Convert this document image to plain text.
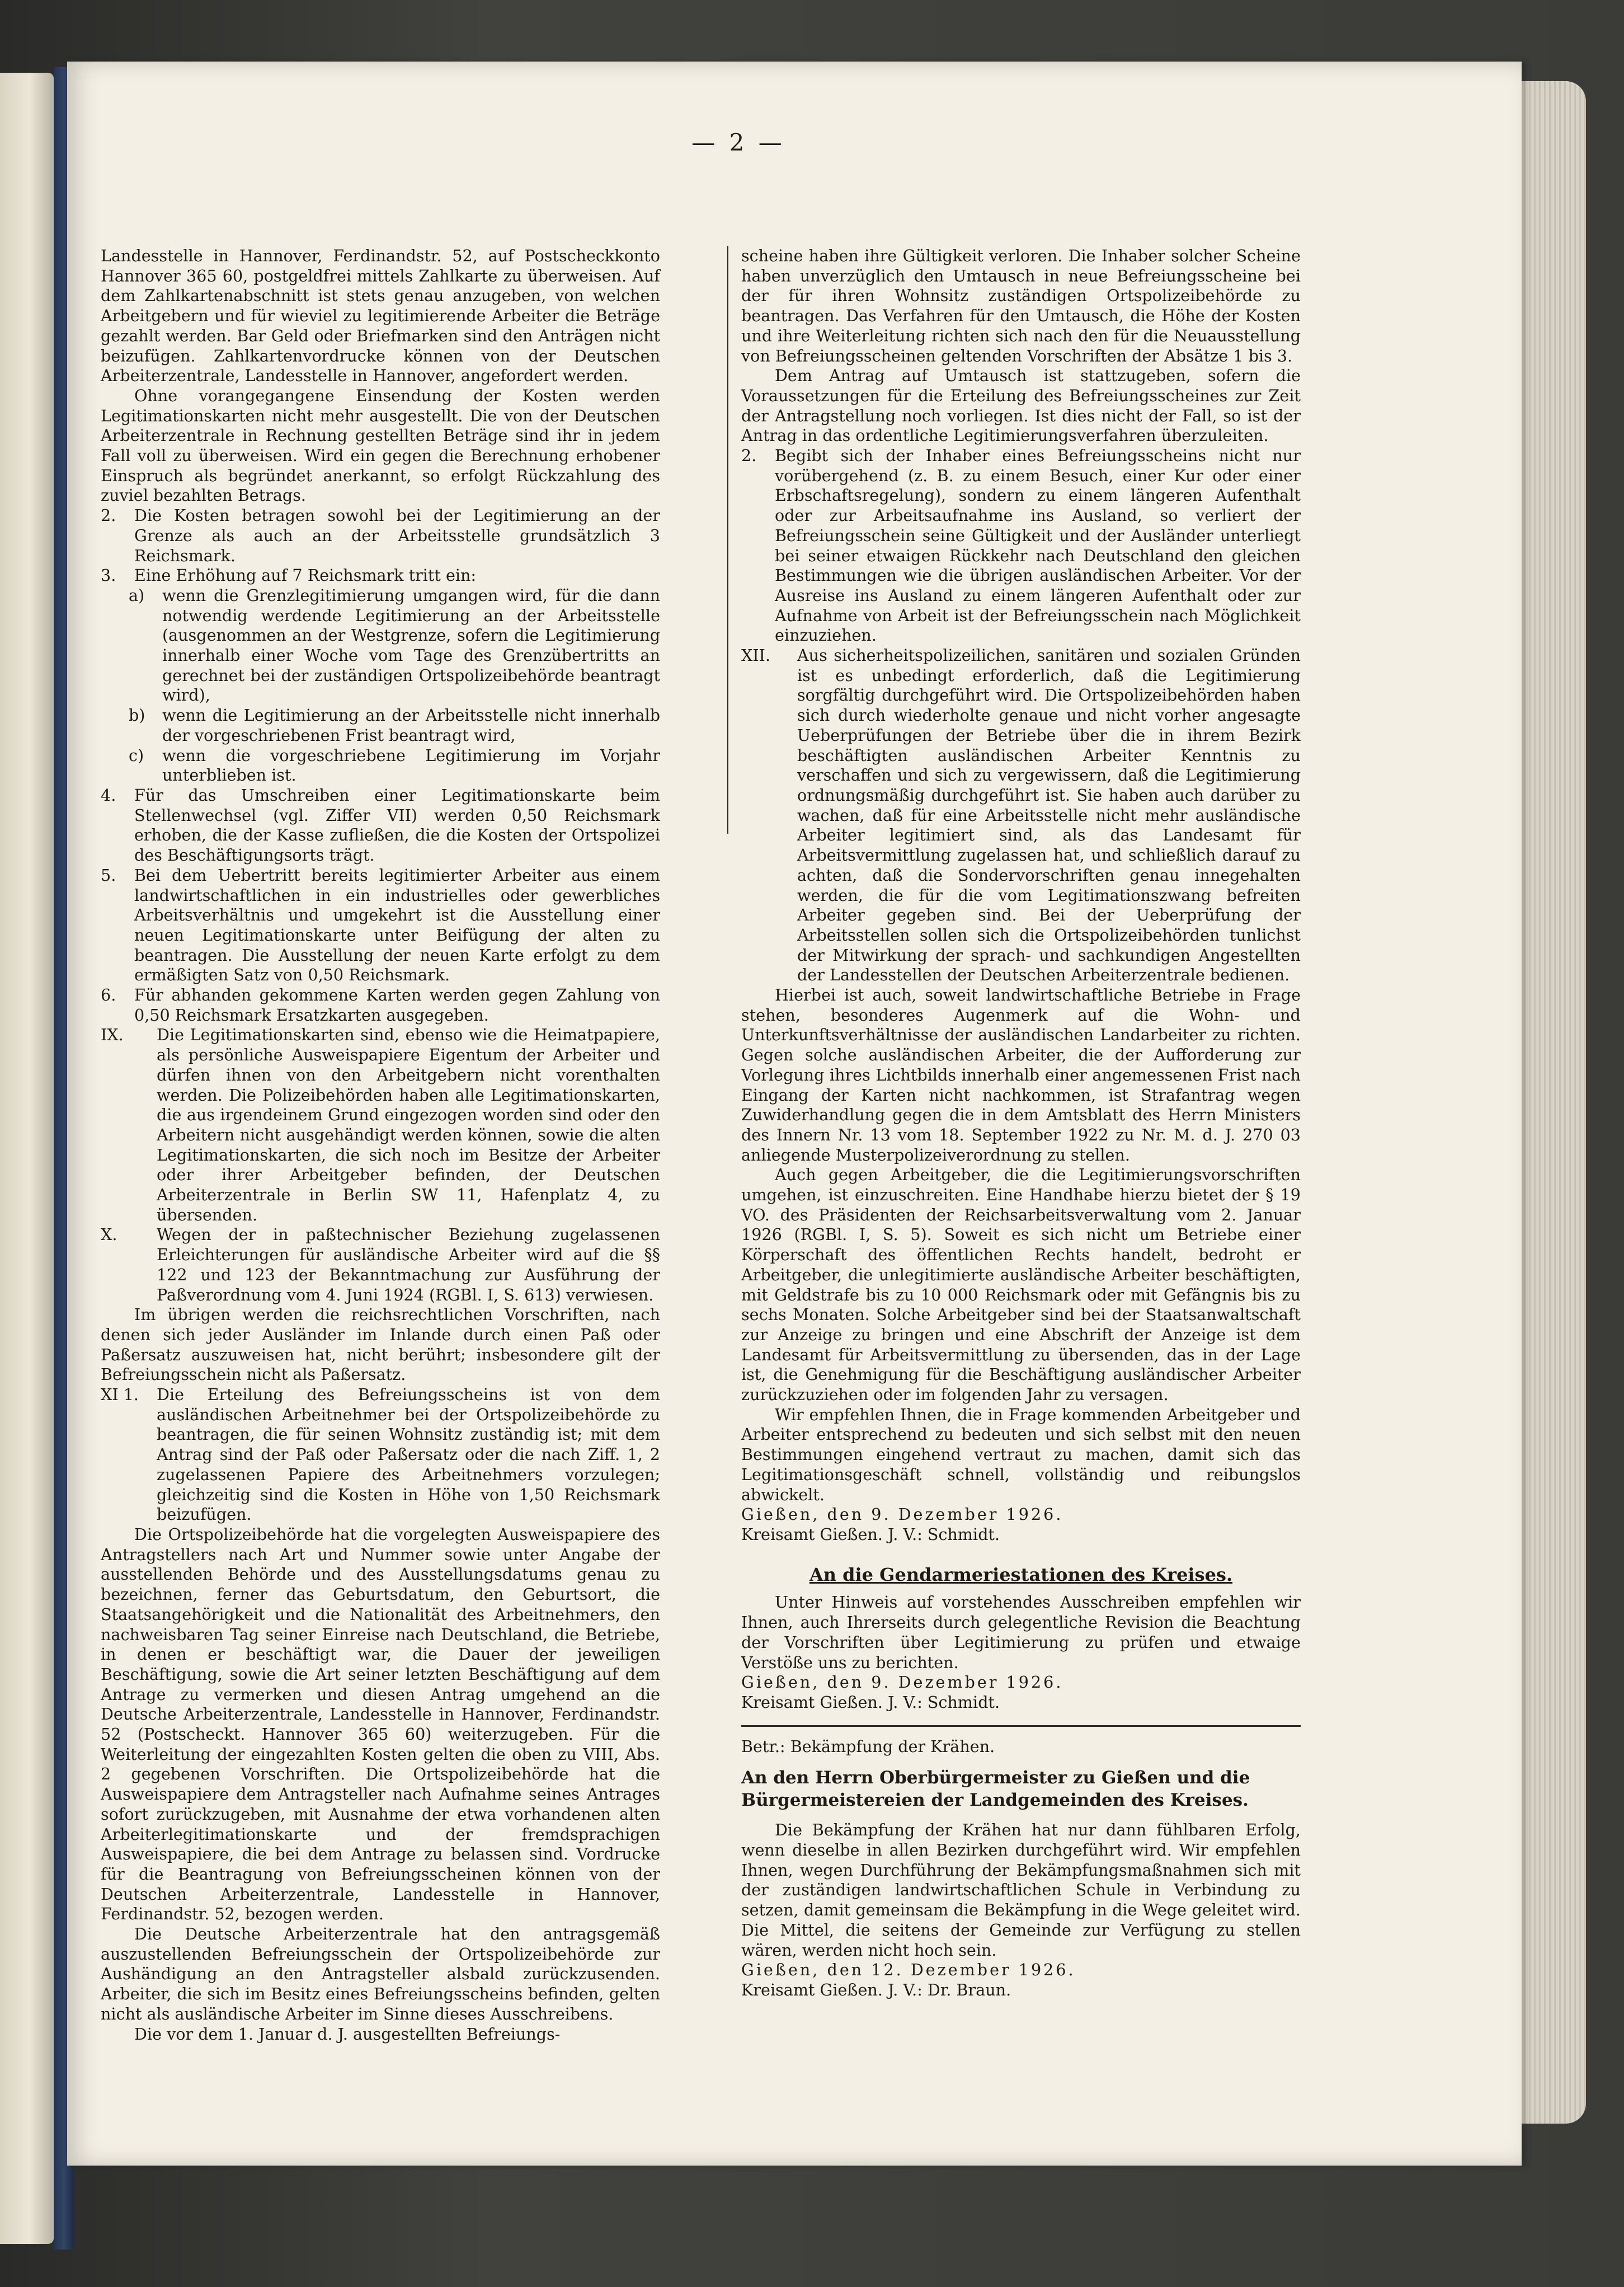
— 2 —

Landesstelle in Hannover, Ferdinandstr. 52, auf Postscheckkonto Hannover 365 60, postgeldfrei mittels Zahlkarte zu überweisen. Auf dem Zahlkartenabschnitt ist stets genau anzugeben, von welchen Arbeitgebern und für wieviel zu legitimierende Arbeiter die Beträge gezahlt werden. Bar Geld oder Briefmarken sind den Anträgen nicht beizufügen. Zahlkartenvordrucke können von der Deutschen Arbeiterzentrale, Landesstelle in Hannover, angefordert werden.

Ohne vorangegangene Einsendung der Kosten werden Legitimationskarten nicht mehr ausgestellt. Die von der Deutschen Arbeiterzentrale in Rechnung gestellten Beträge sind ihr in jedem Fall voll zu überweisen. Wird ein gegen die Berechnung erhobener Einspruch als begründet anerkannt, so erfolgt Rückzahlung des zuviel bezahlten Betrags.

2.	Die Kosten betragen sowohl bei der Legitimierung an der Grenze als auch an der Arbeitsstelle grundsätzlich 3 Reichsmark.
3.	Eine Erhöhung auf 7 Reichsmark tritt ein:
a)	wenn die Grenzlegitimierung umgangen wird, für die dann notwendig werdende Legitimierung an der Arbeitsstelle (ausgenommen an der Westgrenze, sofern die Legitimierung innerhalb einer Woche vom Tage des Grenzübertritts an gerechnet bei der zuständigen Ortspolizeibehörde beantragt wird),
b)	wenn die Legitimierung an der Arbeitsstelle nicht innerhalb der vorgeschriebenen Frist beantragt wird,
c)	wenn die vorgeschriebene Legitimierung im Vorjahr unterblieben ist.
4.	Für das Umschreiben einer Legitimationskarte beim Stellenwechsel (vgl. Ziffer VII) werden 0,50 Reichsmark erhoben, die der Kasse zufließen, die die Kosten der Ortspolizei des Beschäftigungsorts trägt.
5.	Bei dem Uebertritt bereits legitimierter Arbeiter aus einem landwirtschaftlichen in ein industrielles oder gewerbliches Arbeitsverhältnis und umgekehrt ist die Ausstellung einer neuen Legitimationskarte unter Beifügung der alten zu beantragen. Die Ausstellung der neuen Karte erfolgt zu dem ermäßigten Satz von 0,50 Reichsmark.
6.	Für abhanden gekommene Karten werden gegen Zahlung von 0,50 Reichsmark Ersatzkarten ausgegeben.
IX.	Die Legitimationskarten sind, ebenso wie die Heimatpapiere, als persönliche Ausweispapiere Eigentum der Arbeiter und dürfen ihnen von den Arbeitgebern nicht vorenthalten werden. Die Polizeibehörden haben alle Legitimationskarten, die aus irgendeinem Grund eingezogen worden sind oder den Arbeitern nicht ausgehändigt werden können, sowie die alten Legitimationskarten, die sich noch im Besitze der Arbeiter oder ihrer Arbeitgeber befinden, der Deutschen Arbeiterzentrale in Berlin SW 11, Hafenplatz 4, zu übersenden.
X.	Wegen der in paßtechnischer Beziehung zugelassenen Erleichterungen für ausländische Arbeiter wird auf die §§ 122 und 123 der Bekanntmachung zur Ausführung der Paßverordnung vom 4. Juni 1924 (RGBl. I, S. 613) verwiesen.

Im übrigen werden die reichsrechtlichen Vorschriften, nach denen sich jeder Ausländer im Inlande durch einen Paß oder Paßersatz auszuweisen hat, nicht berührt; insbesondere gilt der Befreiungsschein nicht als Paßersatz.

XI 1.	Die Erteilung des Befreiungsscheins ist von dem ausländischen Arbeitnehmer bei der Ortspolizeibehörde zu beantragen, die für seinen Wohnsitz zuständig ist; mit dem Antrag sind der Paß oder Paßersatz oder die nach Ziff. 1, 2 zugelassenen Papiere des Arbeitnehmers vorzulegen; gleichzeitig sind die Kosten in Höhe von 1,50 Reichsmark beizufügen.

Die Ortspolizeibehörde hat die vorgelegten Ausweispapiere des Antragstellers nach Art und Nummer sowie unter Angabe der ausstellenden Behörde und des Ausstellungsdatums genau zu bezeichnen, ferner das Geburtsdatum, den Geburtsort, die Staatsangehörigkeit und die Nationalität des Arbeitnehmers, den nachweisbaren Tag seiner Einreise nach Deutschland, die Betriebe, in denen er beschäftigt war, die Dauer der jeweiligen Beschäftigung, sowie die Art seiner letzten Beschäftigung auf dem Antrage zu vermerken und diesen Antrag umgehend an die Deutsche Arbeiterzentrale, Landesstelle in Hannover, Ferdinandstr. 52 (Postscheckt. Hannover 365 60) weiterzugeben. Für die Weiterleitung der eingezahlten Kosten gelten die oben zu VIII, Abs. 2 gegebenen Vorschriften. Die Ortspolizeibehörde hat die Ausweispapiere dem Antragsteller nach Aufnahme seines Antrages sofort zurückzugeben, mit Ausnahme der etwa vorhandenen alten Arbeiterlegitimationskarte und der fremdsprachigen Ausweispapiere, die bei dem Antrage zu belassen sind. Vordrucke für die Beantragung von Befreiungsscheinen können von der Deutschen Arbeiterzentrale, Landesstelle in Hannover, Ferdinandstr. 52, bezogen werden.

Die Deutsche Arbeiterzentrale hat den antragsgemäß auszustellenden Befreiungsschein der Ortspolizeibehörde zur Aushändigung an den Antragsteller alsbald zurückzusenden. Arbeiter, die sich im Besitz eines Befreiungsscheins befinden, gelten nicht als ausländische Arbeiter im Sinne dieses Ausschreibens.

Die vor dem 1. Januar d. J. ausgestellten Befreiungs-

scheine haben ihre Gültigkeit verloren. Die Inhaber solcher Scheine haben unverzüglich den Umtausch in neue Befreiungsscheine bei der für ihren Wohnsitz zuständigen Ortspolizeibehörde zu beantragen. Das Verfahren für den Umtausch, die Höhe der Kosten und ihre Weiterleitung richten sich nach den für die Neuausstellung von Befreiungsscheinen geltenden Vorschriften der Absätze 1 bis 3.

Dem Antrag auf Umtausch ist stattzugeben, sofern die Voraussetzungen für die Erteilung des Befreiungsscheines zur Zeit der Antragstellung noch vorliegen. Ist dies nicht der Fall, so ist der Antrag in das ordentliche Legitimierungsverfahren überzuleiten.

2.	Begibt sich der Inhaber eines Befreiungsscheins nicht nur vorübergehend (z. B. zu einem Besuch, einer Kur oder einer Erbschaftsregelung), sondern zu einem längeren Aufenthalt oder zur Arbeitsaufnahme ins Ausland, so verliert der Befreiungsschein seine Gültigkeit und der Ausländer unterliegt bei seiner etwaigen Rückkehr nach Deutschland den gleichen Bestimmungen wie die übrigen ausländischen Arbeiter. Vor der Ausreise ins Ausland zu einem längeren Aufenthalt oder zur Aufnahme von Arbeit ist der Befreiungsschein nach Möglichkeit einzuziehen.
XII.	Aus sicherheitspolizeilichen, sanitären und sozialen Gründen ist es unbedingt erforderlich, daß die Legitimierung sorgfältig durchgeführt wird. Die Ortspolizeibehörden haben sich durch wiederholte genaue und nicht vorher angesagte Ueberprüfungen der Betriebe über die in ihrem Bezirk beschäftigten ausländischen Arbeiter Kenntnis zu verschaffen und sich zu vergewissern, daß die Legitimierung ordnungsmäßig durchgeführt ist. Sie haben auch darüber zu wachen, daß für eine Arbeitsstelle nicht mehr ausländische Arbeiter legitimiert sind, als das Landesamt für Arbeitsvermittlung zugelassen hat, und schließlich darauf zu achten, daß die Sondervorschriften genau innegehalten werden, die für die vom Legitimationszwang befreiten Arbeiter gegeben sind. Bei der Ueberprüfung der Arbeitsstellen sollen sich die Ortspolizeibehörden tunlichst der Mitwirkung der sprach- und sachkundigen Angestellten der Landesstellen der Deutschen Arbeiterzentrale bedienen.

Hierbei ist auch, soweit landwirtschaftliche Betriebe in Frage stehen, besonderes Augenmerk auf die Wohn- und Unterkunftsverhältnisse der ausländischen Landarbeiter zu richten. Gegen solche ausländischen Arbeiter, die der Aufforderung zur Vorlegung ihres Lichtbilds innerhalb einer angemessenen Frist nach Eingang der Karten nicht nachkommen, ist Strafantrag wegen Zuwiderhandlung gegen die in dem Amtsblatt des Herrn Ministers des Innern Nr. 13 vom 18. September 1922 zu Nr. M. d. J. 270 03 anliegende Musterpolizeiverordnung zu stellen.

Auch gegen Arbeitgeber, die die Legitimierungsvorschriften umgehen, ist einzuschreiten. Eine Handhabe hierzu bietet der § 19 VO. des Präsidenten der Reichsarbeitsverwaltung vom 2. Januar 1926 (RGBl. I, S. 5). Soweit es sich nicht um Betriebe einer Körperschaft des öffentlichen Rechts handelt, bedroht er Arbeitgeber, die unlegitimierte ausländische Arbeiter beschäftigten, mit Geldstrafe bis zu 10 000 Reichsmark oder mit Gefängnis bis zu sechs Monaten. Solche Arbeitgeber sind bei der Staatsanwaltschaft zur Anzeige zu bringen und eine Abschrift der Anzeige ist dem Landesamt für Arbeitsvermittlung zu übersenden, das in der Lage ist, die Genehmigung für die Beschäftigung ausländischer Arbeiter zurückzuziehen oder im folgenden Jahr zu versagen.

Wir empfehlen Ihnen, die in Frage kommenden Arbeitgeber und Arbeiter entsprechend zu bedeuten und sich selbst mit den neuen Bestimmungen eingehend vertraut zu machen, damit sich das Legitimationsgeschäft schnell, vollständig und reibungslos abwickelt.

Gießen, den 9. Dezember 1926.

Kreisamt Gießen. J. V.: Schmidt.

An die Gendarmeriestationen des Kreises.

Unter Hinweis auf vorstehendes Ausschreiben empfehlen wir Ihnen, auch Ihrerseits durch gelegentliche Revision die Beachtung der Vorschriften über Legitimierung zu prüfen und etwaige Verstöße uns zu berichten.

Gießen, den 9. Dezember 1926.

Kreisamt Gießen. J. V.: Schmidt.

Betr.: Bekämpfung der Krähen.

An den Herrn Oberbürgermeister zu Gießen und die Bürgermeistereien der Landgemeinden des Kreises.

Die Bekämpfung der Krähen hat nur dann fühlbaren Erfolg, wenn dieselbe in allen Bezirken durchgeführt wird. Wir empfehlen Ihnen, wegen Durchführung der Bekämpfungsmaßnahmen sich mit der zuständigen landwirtschaftlichen Schule in Verbindung zu setzen, damit gemeinsam die Bekämpfung in die Wege geleitet wird. Die Mittel, die seitens der Gemeinde zur Verfügung zu stellen wären, werden nicht hoch sein.

Gießen, den 12. Dezember 1926.

Kreisamt Gießen. J. V.: Dr. Braun.
